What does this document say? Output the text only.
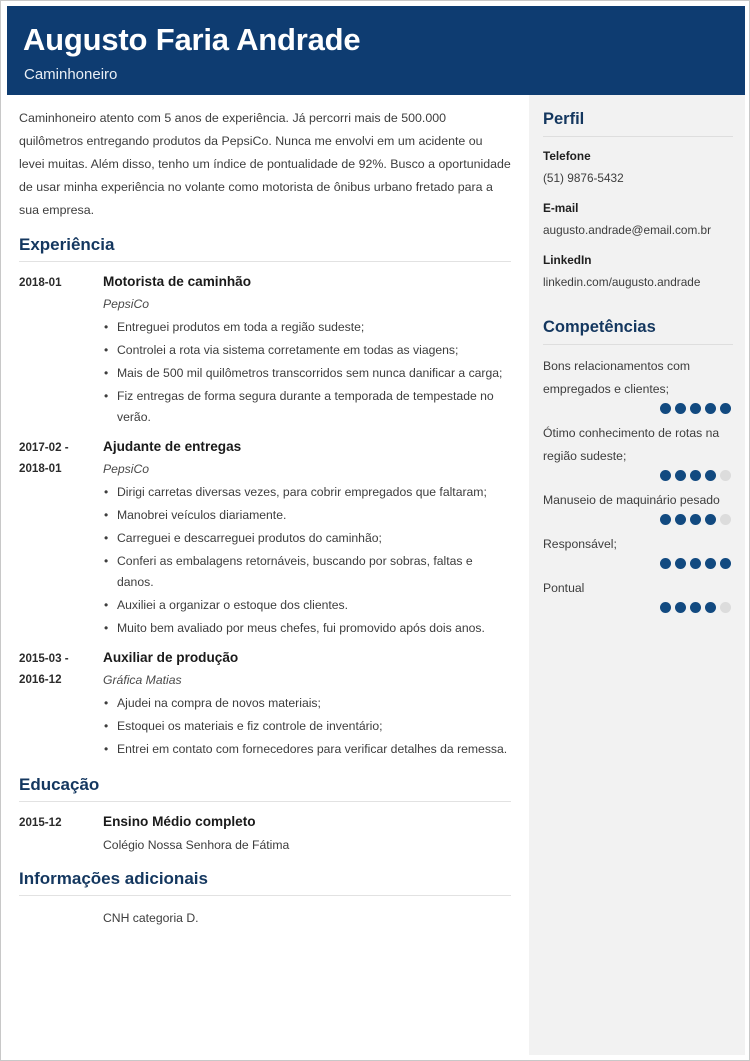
Augusto Faria Andrade
Caminhoneiro

Caminhoneiro atento com 5 anos de experiência. Já percorri mais de 500.000 quilômetros entregando produtos da PepsiCo. Nunca me envolvi em um acidente ou levei muitas. Além disso, tenho um índice de pontualidade de 92%. Busco a oportunidade de usar minha experiência no volante como motorista de ônibus urbano fretado para a sua empresa.

Experiência
2018-01	Motorista de caminhão
PepsiCo
• Entreguei produtos em toda a região sudeste;
• Controlei a rota via sistema corretamente em todas as viagens;
• Mais de 500 mil quilômetros transcorridos sem nunca danificar a carga;
• Fiz entregas de forma segura durante a temporada de tempestade no verão.
2017-02 -
2018-01
Ajudante de entregas
PepsiCo
• Dirigi carretas diversas vezes, para cobrir empregados que faltaram;
• Manobrei veículos diariamente.
• Carreguei e descarreguei produtos do caminhão;
• Conferi as embalagens retornáveis, buscando por sobras, faltas e danos.
• Auxiliei a organizar o estoque dos clientes.
• Muito bem avaliado por meus chefes, fui promovido após dois anos.
2015-03 -
2016-12
Auxiliar de produção
Gráfica Matias
• Ajudei na compra de novos materiais;
• Estoquei os materiais e fiz controle de inventário;
• Entrei em contato com fornecedores para verificar detalhes da remessa.
Educação
2015-12	Ensino Médio completo
Colégio Nossa Senhora de Fátima
Informações adicionais
CNH categoria D.
Perfil
Telefone
(51) 9876-5432
E-mail
augusto.andrade@email.com.br
LinkedIn
linkedin.com/augusto.andrade
Competências
Bons relacionamentos com empregados e clientes;
Ótimo conhecimento de rotas na região sudeste;
Manuseio de maquinário pesado
Responsável;
Pontual
